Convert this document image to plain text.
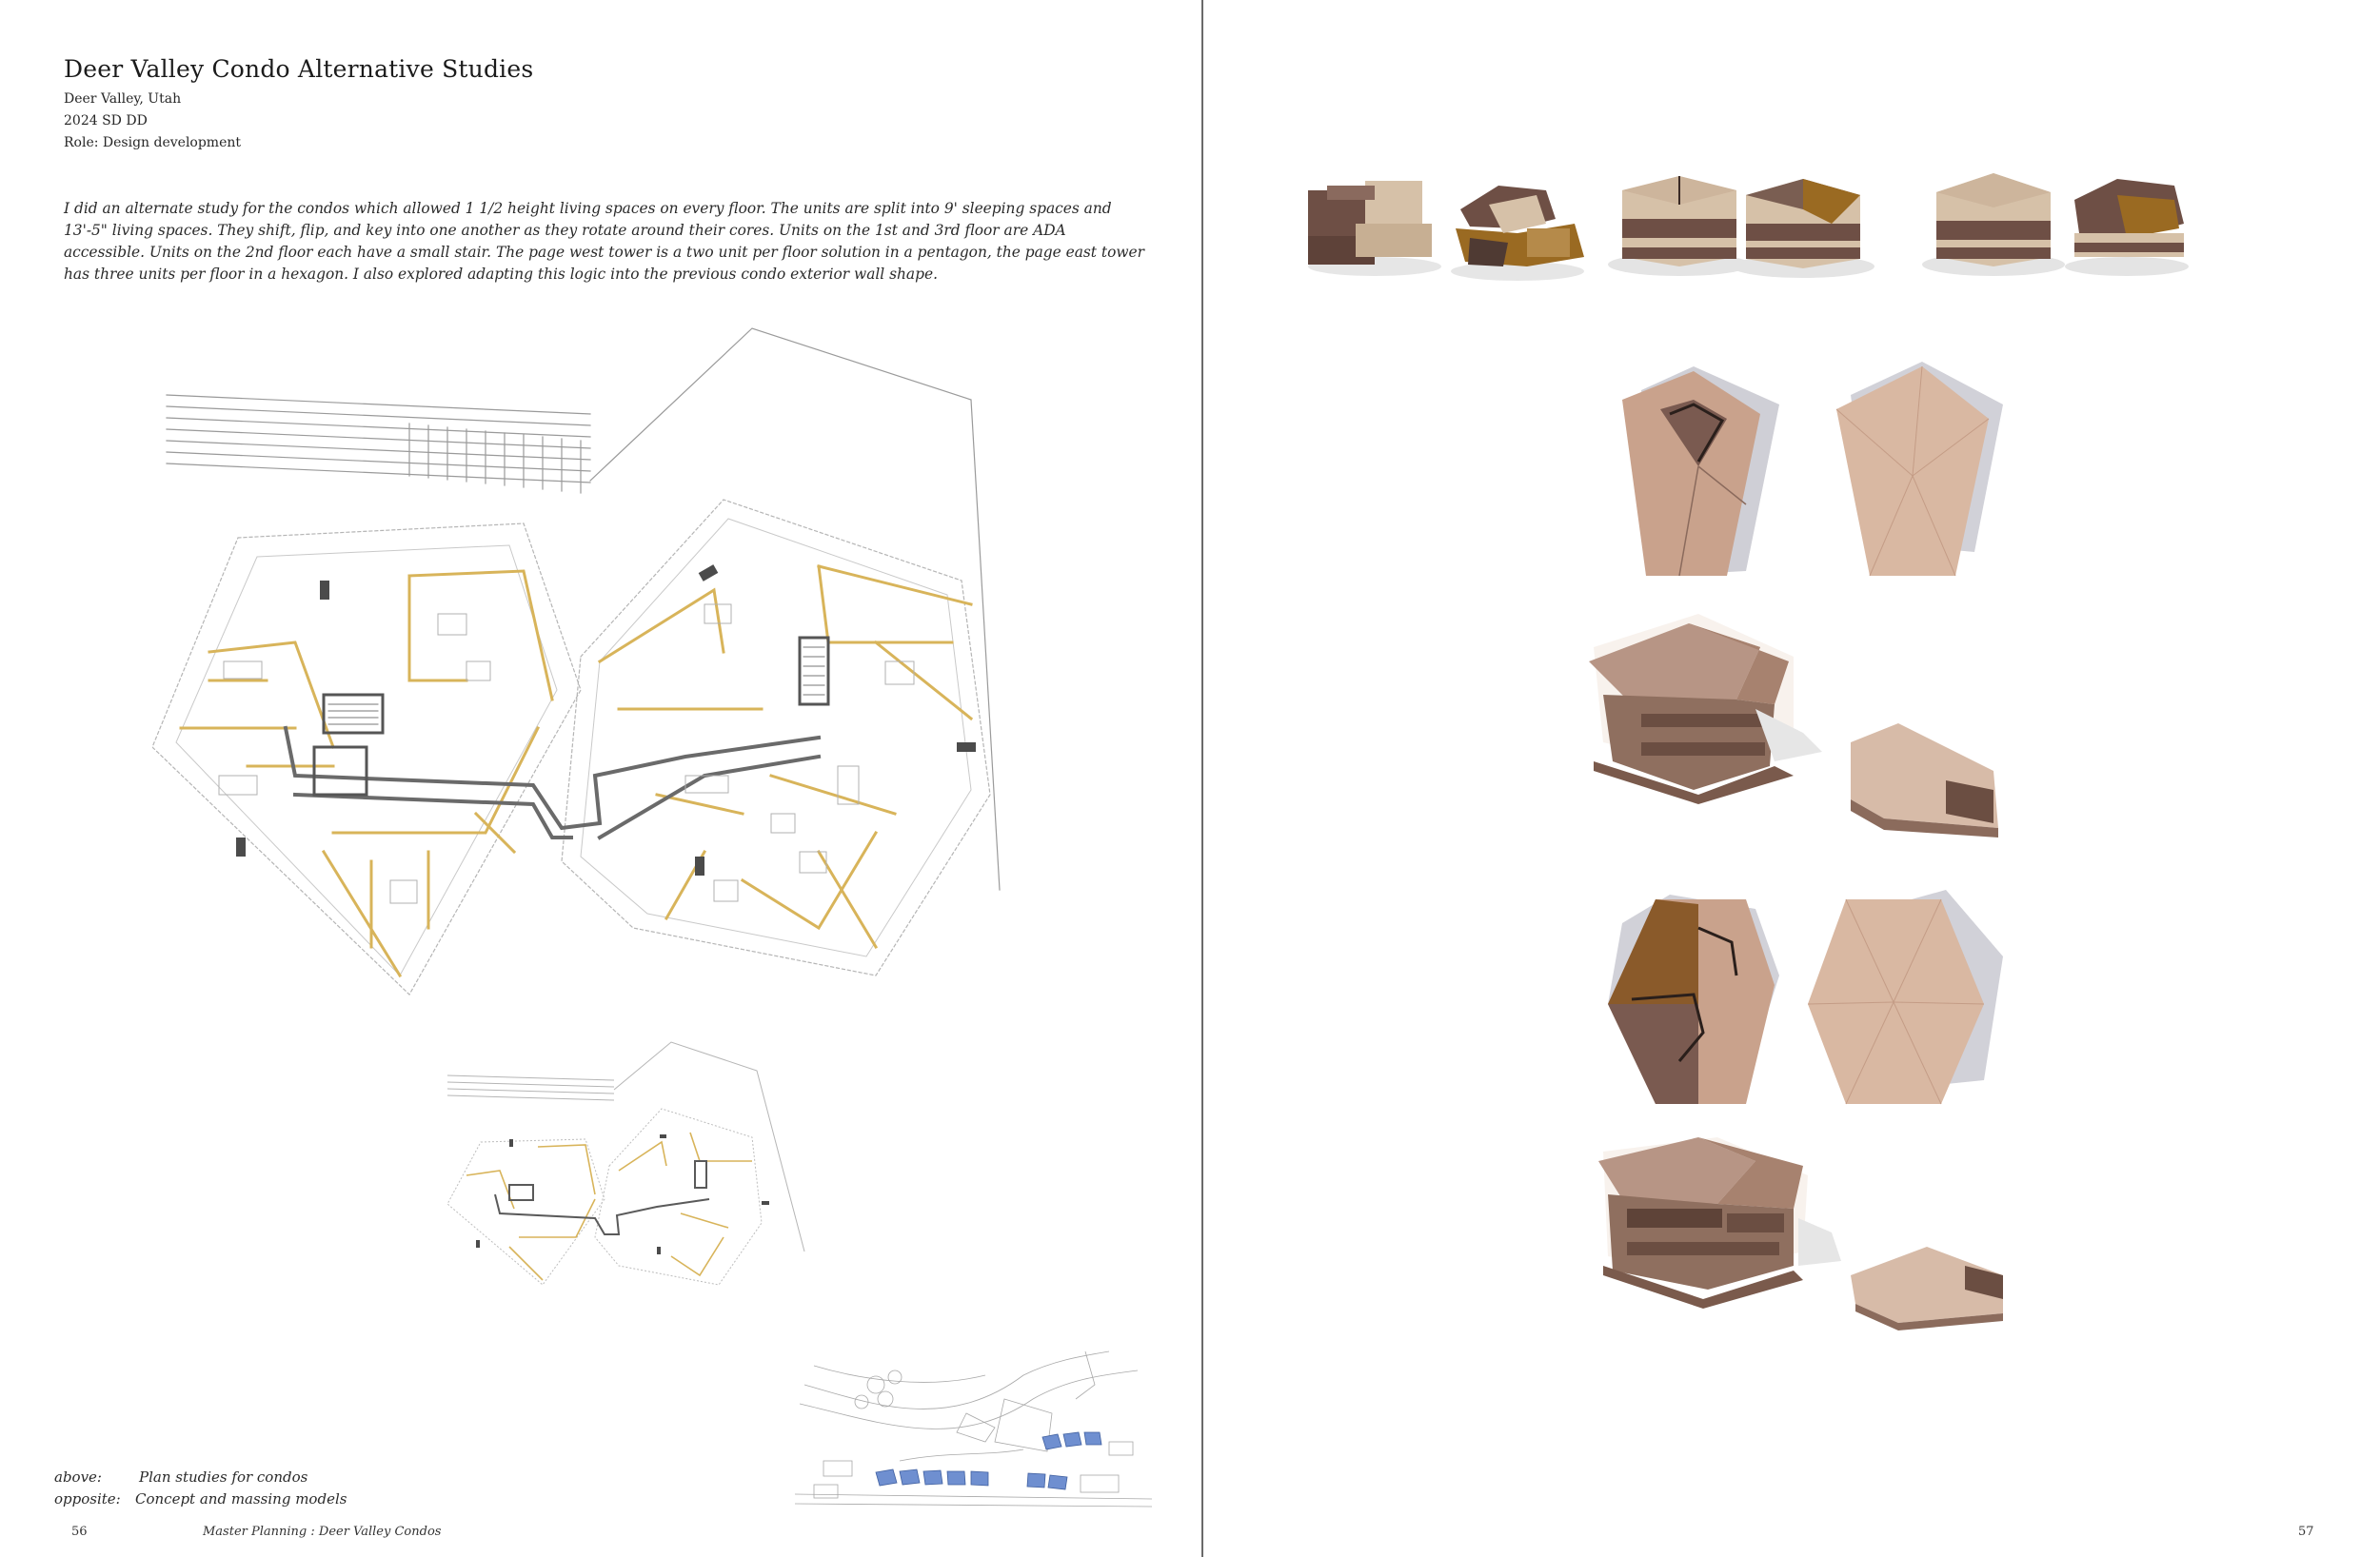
Deer Valley Condo Alternative Studies
Deer Valley, Utah
2024 SD DD
Role: Design development

I did an alternate study for the condos which allowed 1 1/2 height living spaces on every floor. The units are split into 9' sleeping spaces and 13'-5" living spaces. They shift, flip, and key into one another as they rotate around their cores. Units on the 1st and 3rd floor are ADA accessible. Units on the 2nd floor each have a small stair. The page west tower is a two unit per floor solution in a pentagon, the page east tower has three units per floor in a hexagon. I also explored adapting this logic into the previous condo exterior wall shape.

above:	Plan studies for condos
opposite: Concept and massing models
56	Master Planning : Deer Valley Condos	57
